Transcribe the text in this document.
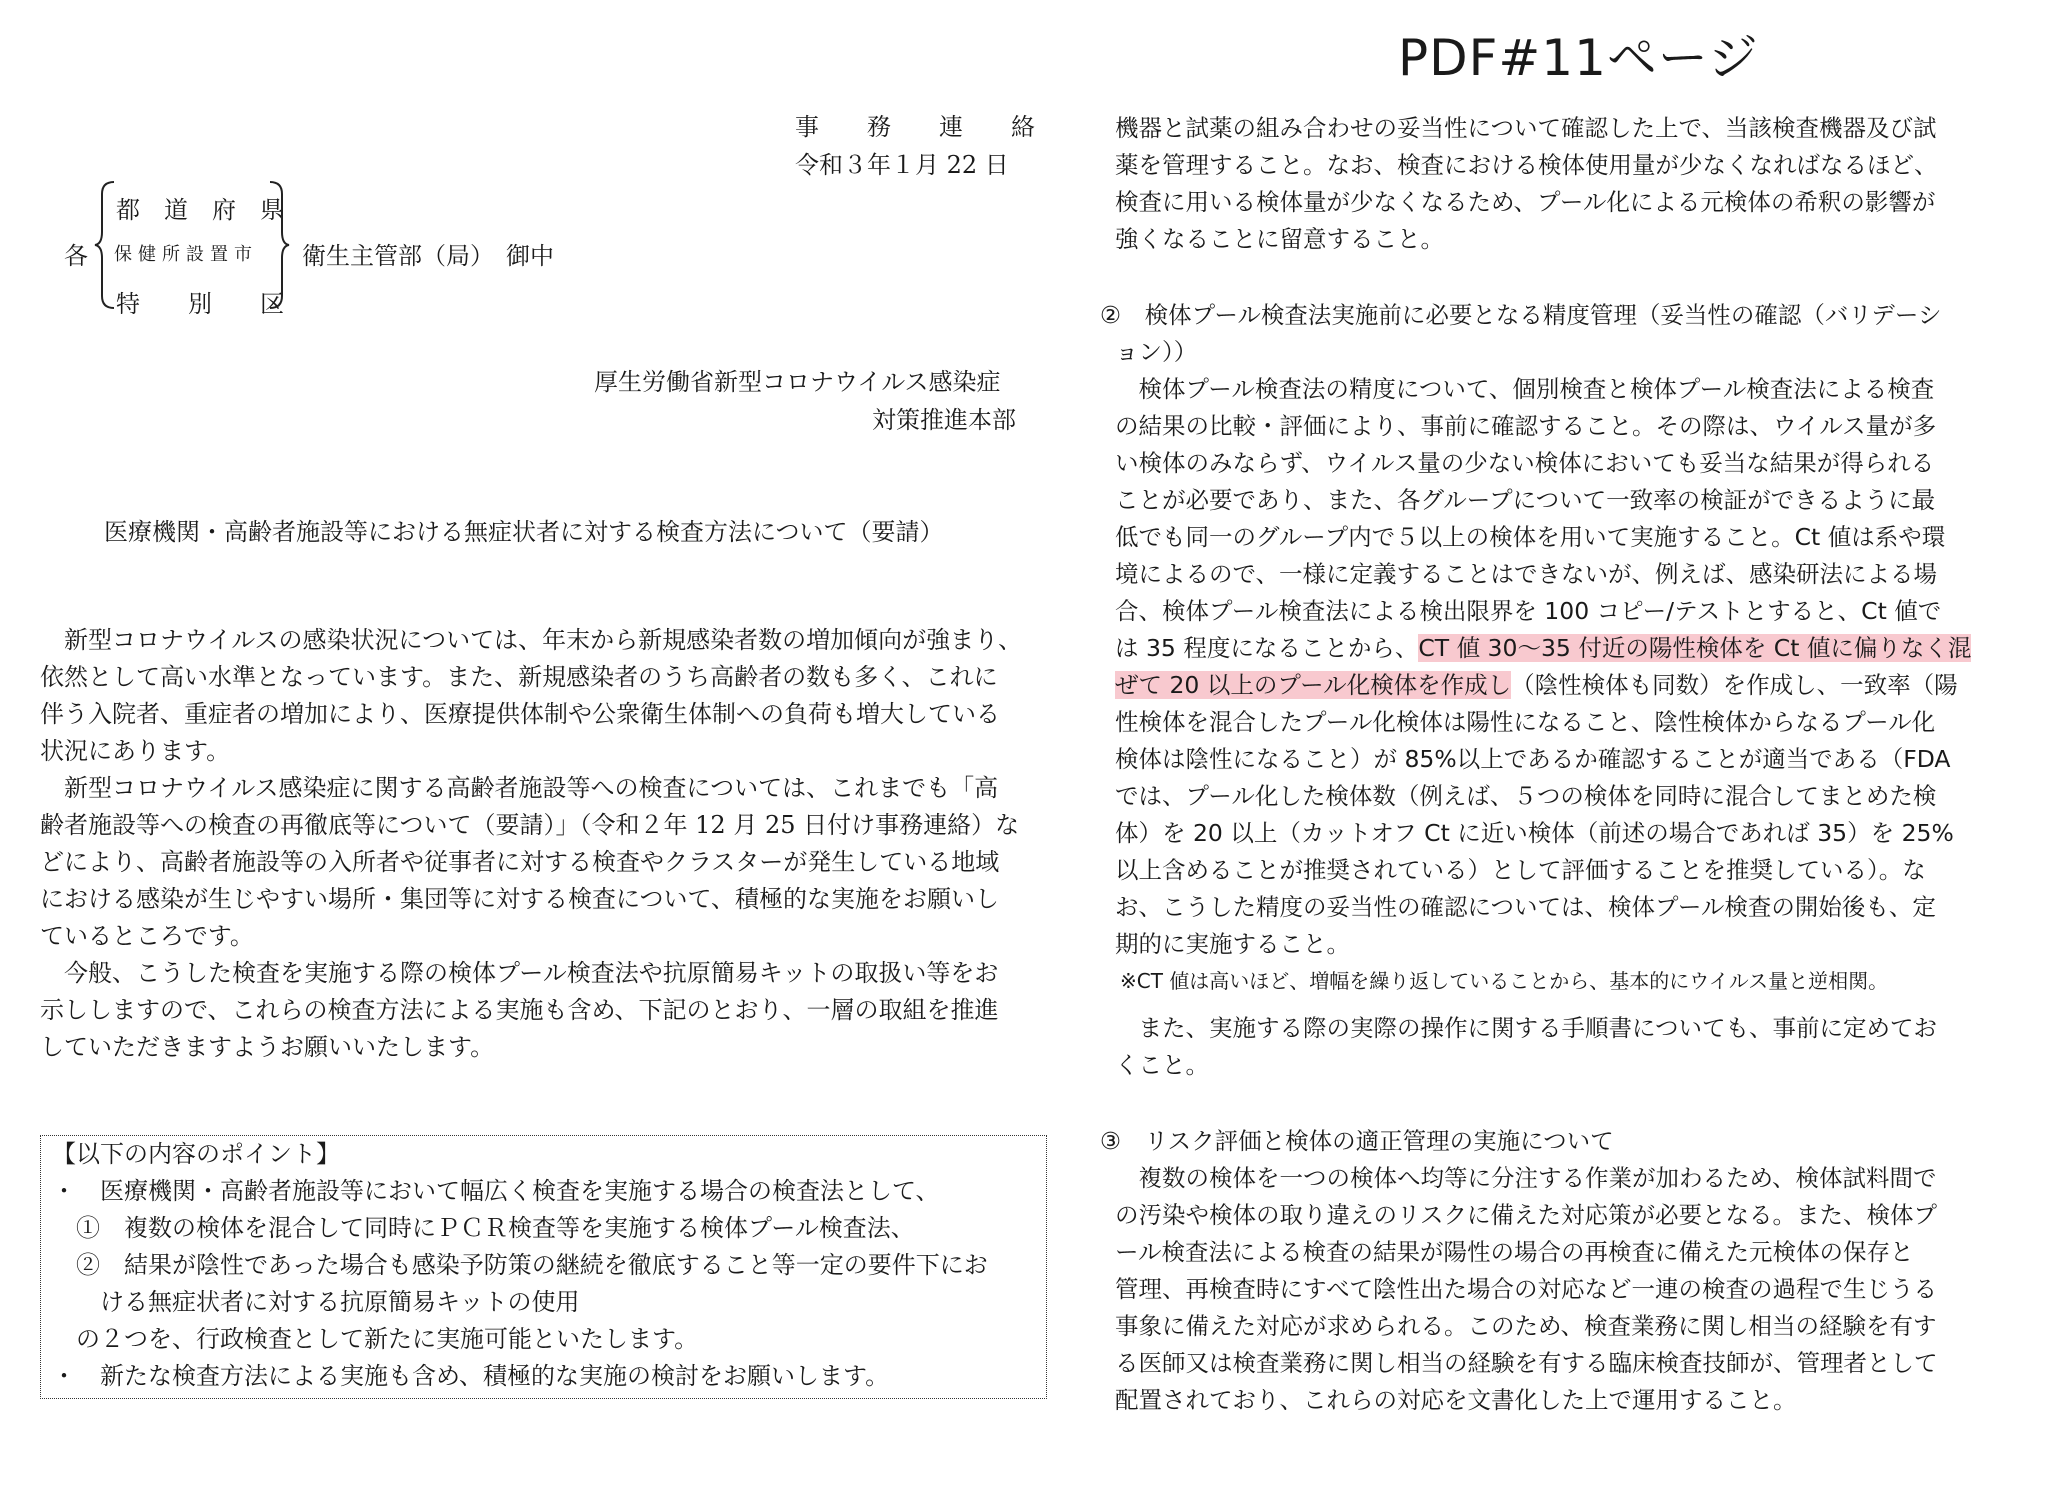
PDF#11ページ
事　　務　　連　　絡
令和３年１月 22 日
各
都　道　府　県
保健所設置市
特　　別　　区
衛生主管部（局）　御中
厚生労働省新型コロナウイルス感染症
対策推進本部
医療機関・高齢者施設等における無症状者に対する検査方法について（要請）
　新型コロナウイルスの感染状況については、年末から新規感染者数の増加傾向が強まり、
依然として高い水準となっています。また、新規感染者のうち高齢者の数も多く、これに
伴う入院者、重症者の増加により、医療提供体制や公衆衛生体制への負荷も増大している
状況にあります。
　新型コロナウイルス感染症に関する高齢者施設等への検査については、これまでも「高
齢者施設等への検査の再徹底等について（要請）」（令和２年 12 月 25 日付け事務連絡）な
どにより、高齢者施設等の入所者や従事者に対する検査やクラスターが発生している地域
における感染が生じやすい場所・集団等に対する検査について、積極的な実施をお願いし
ているところです。
　今般、こうした検査を実施する際の検体プール検査法や抗原簡易キットの取扱い等をお
示ししますので、これらの検査方法による実施も含め、下記のとおり、一層の取組を推進
していただきますようお願いいたします。
【以下の内容のポイント】
・　医療機関・高齢者施設等において幅広く検査を実施する場合の検査法として、
　①　複数の検体を混合して同時にＰＣＲ検査等を実施する検体プール検査法、
　②　結果が陰性であった場合も感染予防策の継続を徹底すること等一定の要件下にお
　　ける無症状者に対する抗原簡易キットの使用
　の２つを、行政検査として新たに実施可能といたします。
・　新たな検査方法による実施も含め、積極的な実施の検討をお願いします。
機器と試薬の組み合わせの妥当性について確認した上で、当該検査機器及び試
薬を管理すること。なお、検査における検体使用量が少なくなればなるほど、
検査に用いる検体量が少なくなるため、プール化による元検体の希釈の影響が
強くなることに留意すること。
②　検体プール検査法実施前に必要となる精度管理（妥当性の確認（バリデーシ
ョン））
　検体プール検査法の精度について、個別検査と検体プール検査法による検査
の結果の比較・評価により、事前に確認すること。その際は、ウイルス量が多
い検体のみならず、ウイルス量の少ない検体においても妥当な結果が得られる
ことが必要であり、また、各グループについて一致率の検証ができるように最
低でも同一のグループ内で５以上の検体を用いて実施すること。Ct 値は系や環
境によるので、一様に定義することはできないが、例えば、感染研法による場
合、検体プール検査法による検出限界を 100 コピー/テストとすると、Ct 値で
は 35 程度になることから、CT 値 30～35 付近の陽性検体を Ct 値に偏りなく混
ぜて 20 以上のプール化検体を作成し（陰性検体も同数）を作成し、一致率（陽
性検体を混合したプール化検体は陽性になること、陰性検体からなるプール化
検体は陰性になること）が 85%以上であるか確認することが適当である（FDA
では、プール化した検体数（例えば、５つの検体を同時に混合してまとめた検
体）を 20 以上（カットオフ Ct に近い検体（前述の場合であれば 35）を 25%
以上含めることが推奨されている）として評価することを推奨している）。な
お、こうした精度の妥当性の確認については、検体プール検査の開始後も、定
期的に実施すること。
※CT 値は高いほど、増幅を繰り返していることから、基本的にウイルス量と逆相関。
　また、実施する際の実際の操作に関する手順書についても、事前に定めてお
くこと。
③　リスク評価と検体の適正管理の実施について
　複数の検体を一つの検体へ均等に分注する作業が加わるため、検体試料間で
の汚染や検体の取り違えのリスクに備えた対応策が必要となる。また、検体プ
ール検査法による検査の結果が陽性の場合の再検査に備えた元検体の保存と
管理、再検査時にすべて陰性出た場合の対応など一連の検査の過程で生じうる
事象に備えた対応が求められる。このため、検査業務に関し相当の経験を有す
る医師又は検査業務に関し相当の経験を有する臨床検査技師が、管理者として
配置されており、これらの対応を文書化した上で運用すること。
